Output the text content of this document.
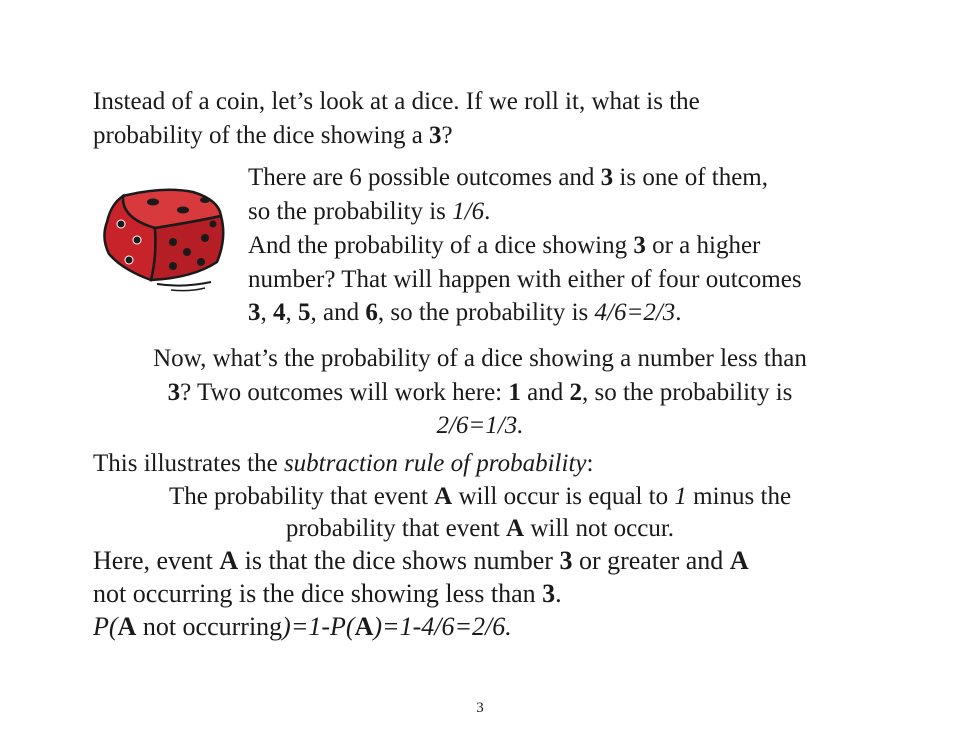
Instead of a coin, let’s look at a dice. If we roll it, what is the
probability of the dice showing a 3?
There are 6 possible outcomes and 3 is one of them,
so the probability is 1/6.
And the probability of a dice showing 3 or a higher
number? That will happen with either of four outcomes
3, 4, 5, and 6, so the probability is 4/6=2/3.
Now, what’s the probability of a dice showing a number less than
3? Two outcomes will work here: 1 and 2, so the probability is
2/6=1/3.
This illustrates the subtraction rule of probability:
The probability that event A will occur is equal to 1 minus the
probability that event A will not occur.
Here, event A is that the dice shows number 3 or greater and A
not occurring is the dice showing less than 3.
P(A not occurring)=1-P(A)=1-4/6=2/6.
3
